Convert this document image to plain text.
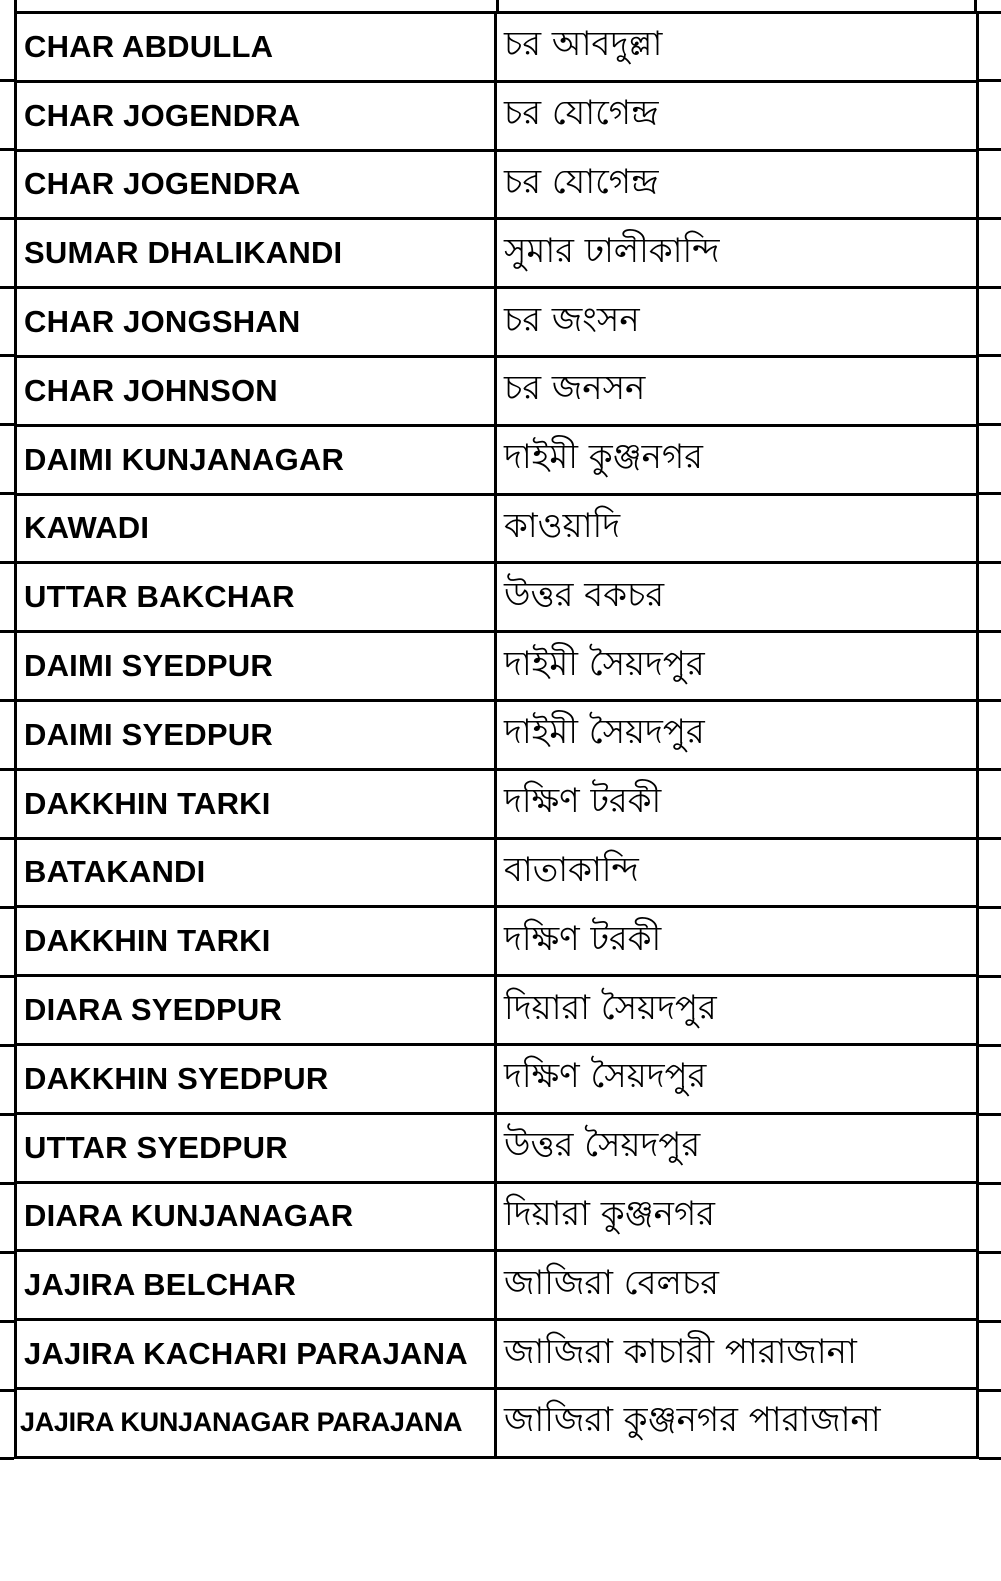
CHAR ABDULLA	চর আবদুল্লা
CHAR JOGENDRA	চর যোগেন্দ্র
CHAR JOGENDRA	চর যোগেন্দ্র
SUMAR DHALIKANDI	সুমার ঢালীকান্দি
CHAR JONGSHAN	চর জংসন
CHAR JOHNSON	চর জনসন
DAIMI KUNJANAGAR	দাইমী কুঞ্জনগর
KAWADI	কাওয়াদি
UTTAR BAKCHAR	উত্তর বকচর
DAIMI SYEDPUR	দাইমী সৈয়দপুর
DAIMI SYEDPUR	দাইমী সৈয়দপুর
DAKKHIN TARKI	দক্ষিণ টরকী
BATAKANDI	বাতাকান্দি
DAKKHIN TARKI	দক্ষিণ টরকী
DIARA SYEDPUR	দিয়ারা সৈয়দপুর
DAKKHIN SYEDPUR	দক্ষিণ সৈয়দপুর
UTTAR SYEDPUR	উত্তর সৈয়দপুর
DIARA KUNJANAGAR	দিয়ারা কুঞ্জনগর
JAJIRA BELCHAR	জাজিরা বেলচর
JAJIRA KACHARI PARAJANA	জাজিরা কাচারী পারাজানা
JAJIRA KUNJANAGAR PARAJANA	জাজিরা কুঞ্জনগর পারাজানা
